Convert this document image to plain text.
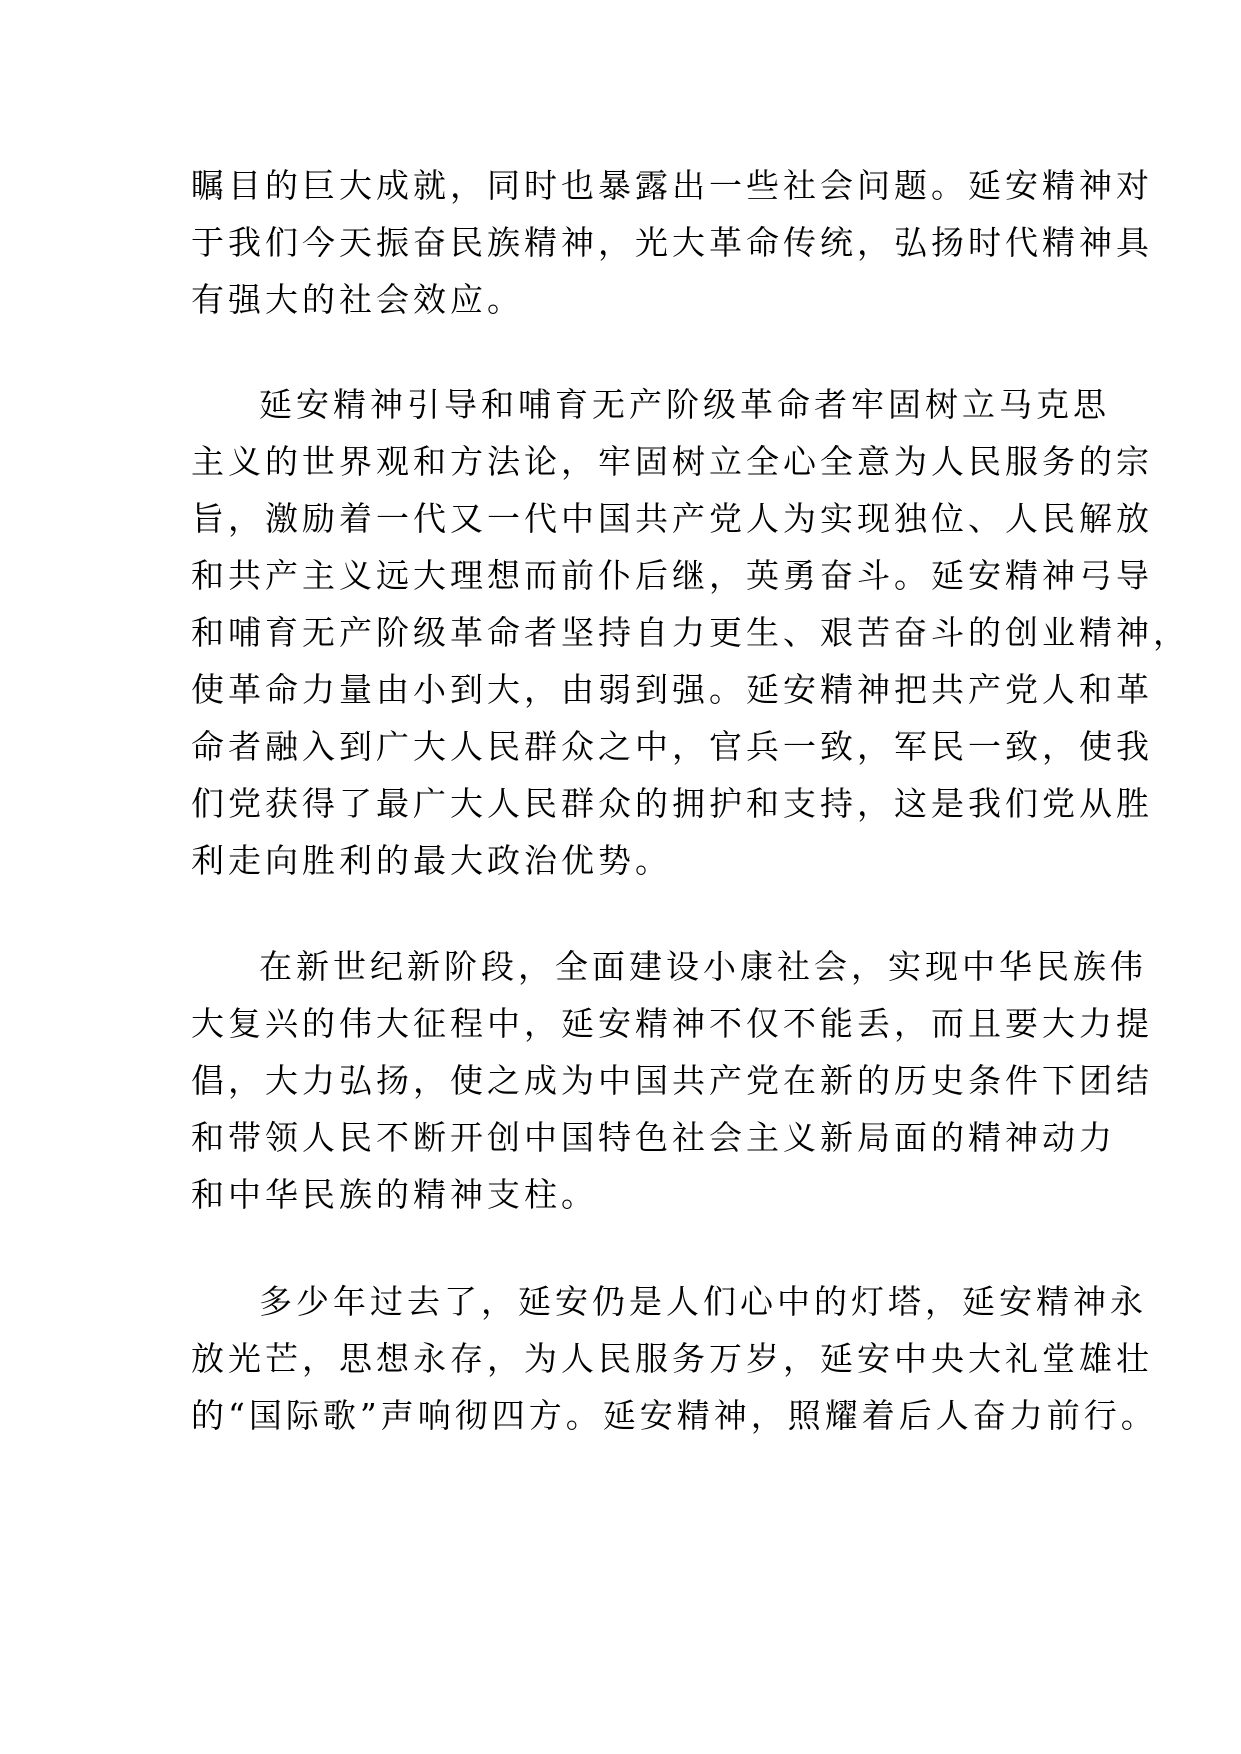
瞩目的巨大成就，同时也暴露出一些社会问题。延安精神对
于我们今天振奋民族精神，光大革命传统，弘扬时代精神具
有强大的社会效应。

延安精神引导和哺育无产阶级革命者牢固树立马克思
主义的世界观和方法论，牢固树立全心全意为人民服务的宗
旨，激励着一代又一代中国共产党人为实现独位、人民解放
和共产主义远大理想而前仆后继，英勇奋斗。延安精神弓导
和哺育无产阶级革命者坚持自力更生、艰苦奋斗的创业精神，
使革命力量由小到大，由弱到强。延安精神把共产党人和革
命者融入到广大人民群众之中，官兵一致，军民一致，使我
们党获得了最广大人民群众的拥护和支持，这是我们党从胜
利走向胜利的最大政治优势。

在新世纪新阶段，全面建设小康社会，实现中华民族伟
大复兴的伟大征程中，延安精神不仅不能丢，而且要大力提
倡，大力弘扬，使之成为中国共产党在新的历史条件下团结
和带领人民不断开创中国特色社会主义新局面的精神动力
和中华民族的精神支柱。

多少年过去了，延安仍是人们心中的灯塔，延安精神永
放光芒，思想永存，为人民服务万岁，延安中央大礼堂雄壮
的“国际歌”声响彻四方。延安精神，照耀着后人奋力前行。
